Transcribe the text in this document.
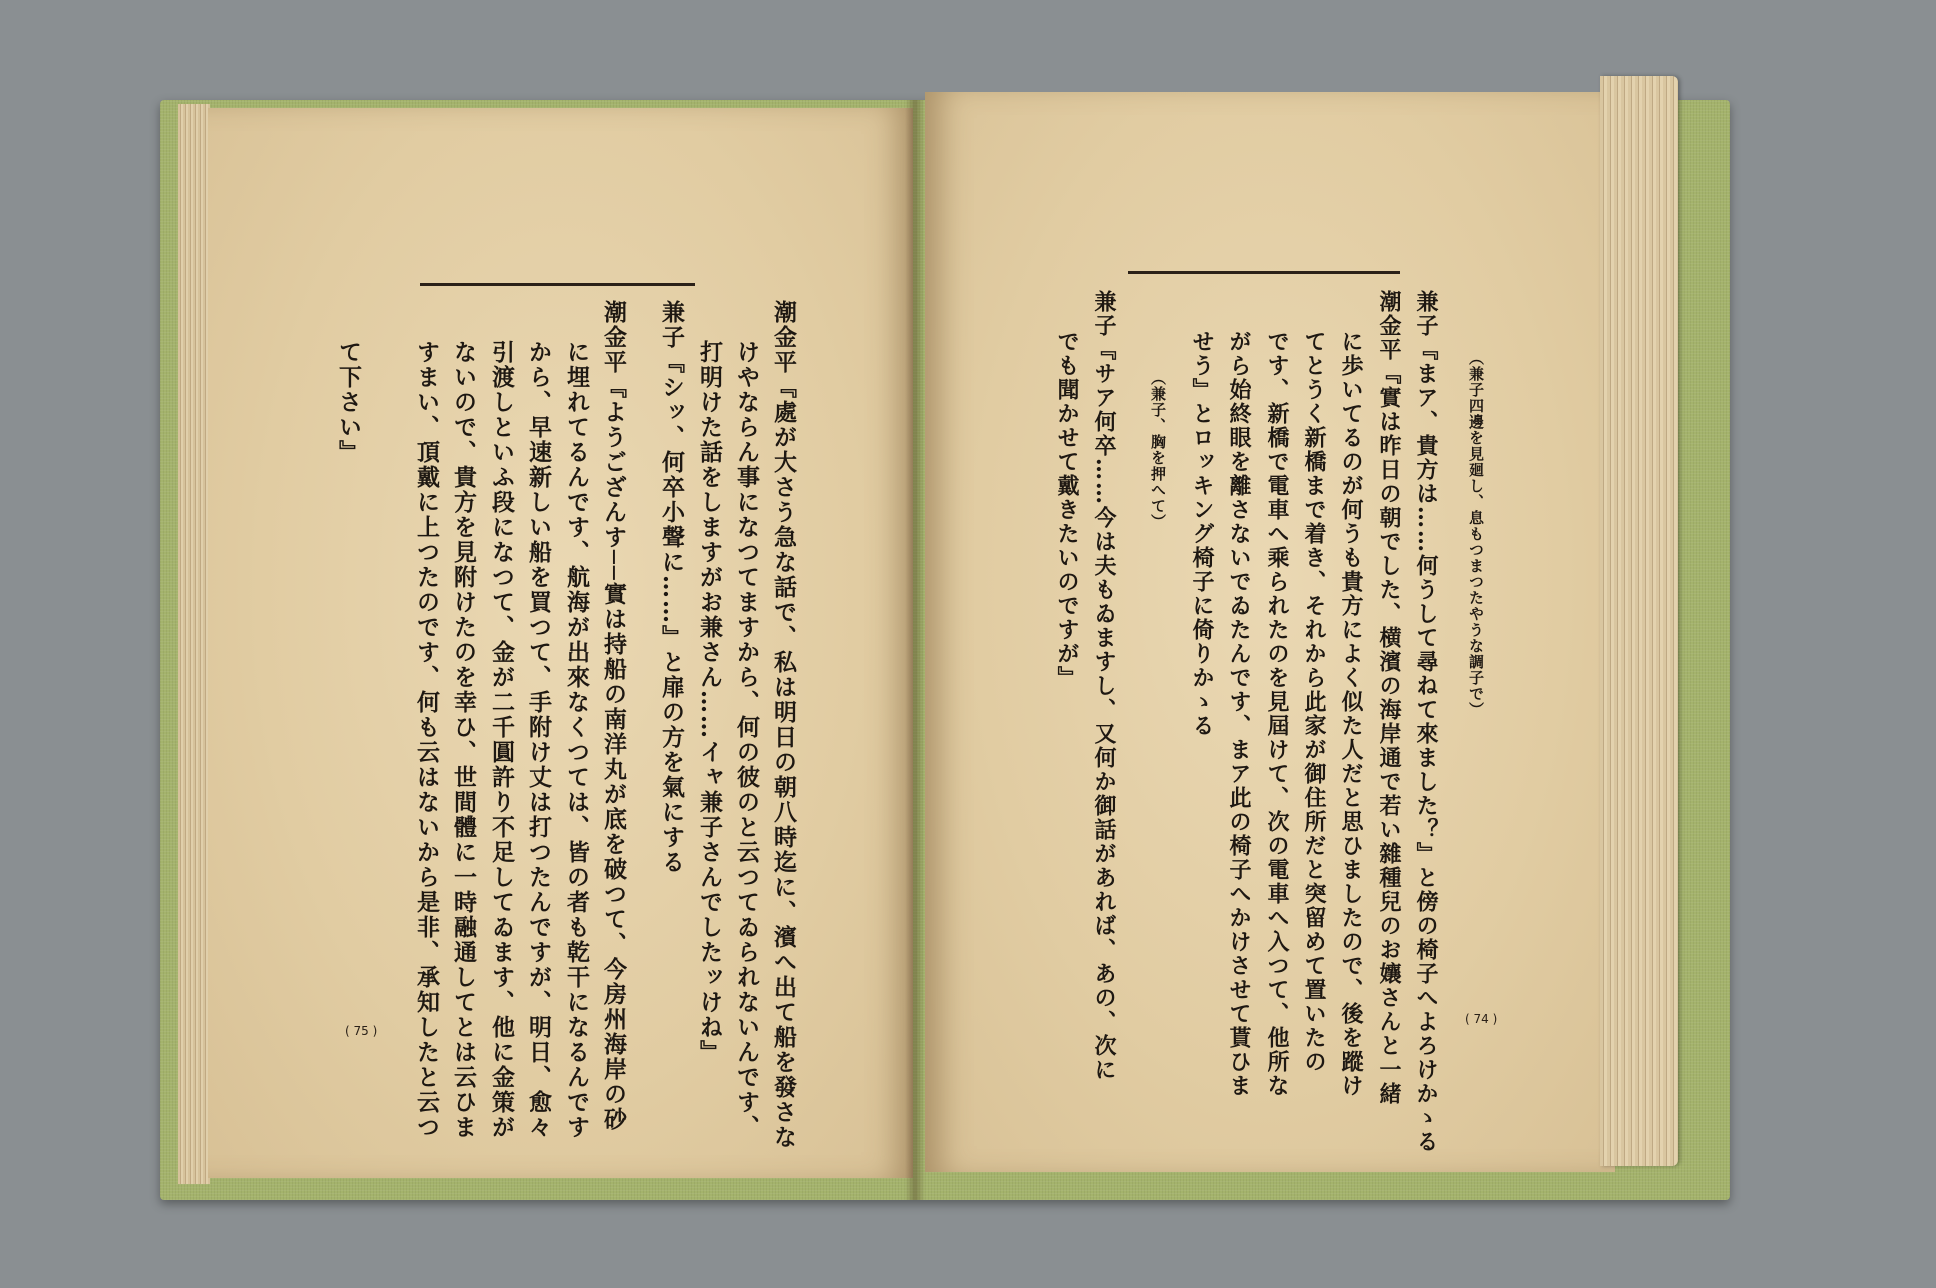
潮金平『處が大さう急な話で、私は明日の朝八時迄に、濱へ出て船を發さな
けやならん事になつてますから、何の彼のと云つてゐられないんです、
打明けた話をしますがお兼さん……イャ兼子さんでしたッけね』
兼子『シッ、何卒小聲に……』と扉の方を氣にする
潮金平『ようござんす──實は持船の南洋丸が底を破つて、今房州海岸の砂
に埋れてるんです、航海が出來なくつては、皆の者も乾干になるんです
から、早速新しい船を買つて、手附け丈は打つたんですが、明日、愈々
引渡しといふ段になつて、金が二千圓許り不足してゐます、他に金策が
ないので、貴方を見附けたのを幸ひ、世間體に一時融通してとは云ひま
すまい、頂戴に上つたのです、何も云はないから是非、承知したと云つ
て下さい』
( 75 )
（兼子四邊を見廻し、息もつまつたやうな調子で）
兼子『まア、貴方は……何うして尋ねて來ました？』と傍の椅子へよろけかゝる
潮金平『實は昨日の朝でした、横濱の海岸通で若い雜種兒のお孃さんと一緒
に歩いてるのが何うも貴方によく似た人だと思ひましたので、後を蹤け
てとうく新橋まで着き、それから此家が御住所だと突留めて置いたの
です、新橋で電車へ乘られたのを見屆けて、次の電車へ入つて、他所な
がら始終眼を離さないでゐたんです、まア此の椅子へかけさせて貰ひま
せう』とロッキング椅子に倚りかゝる
（兼子、胸を押へて）
兼子『サア何卒……今は夫もゐますし、又何か御話があれば、あの、次に
でも聞かせて戴きたいのですが』
( 74 )
